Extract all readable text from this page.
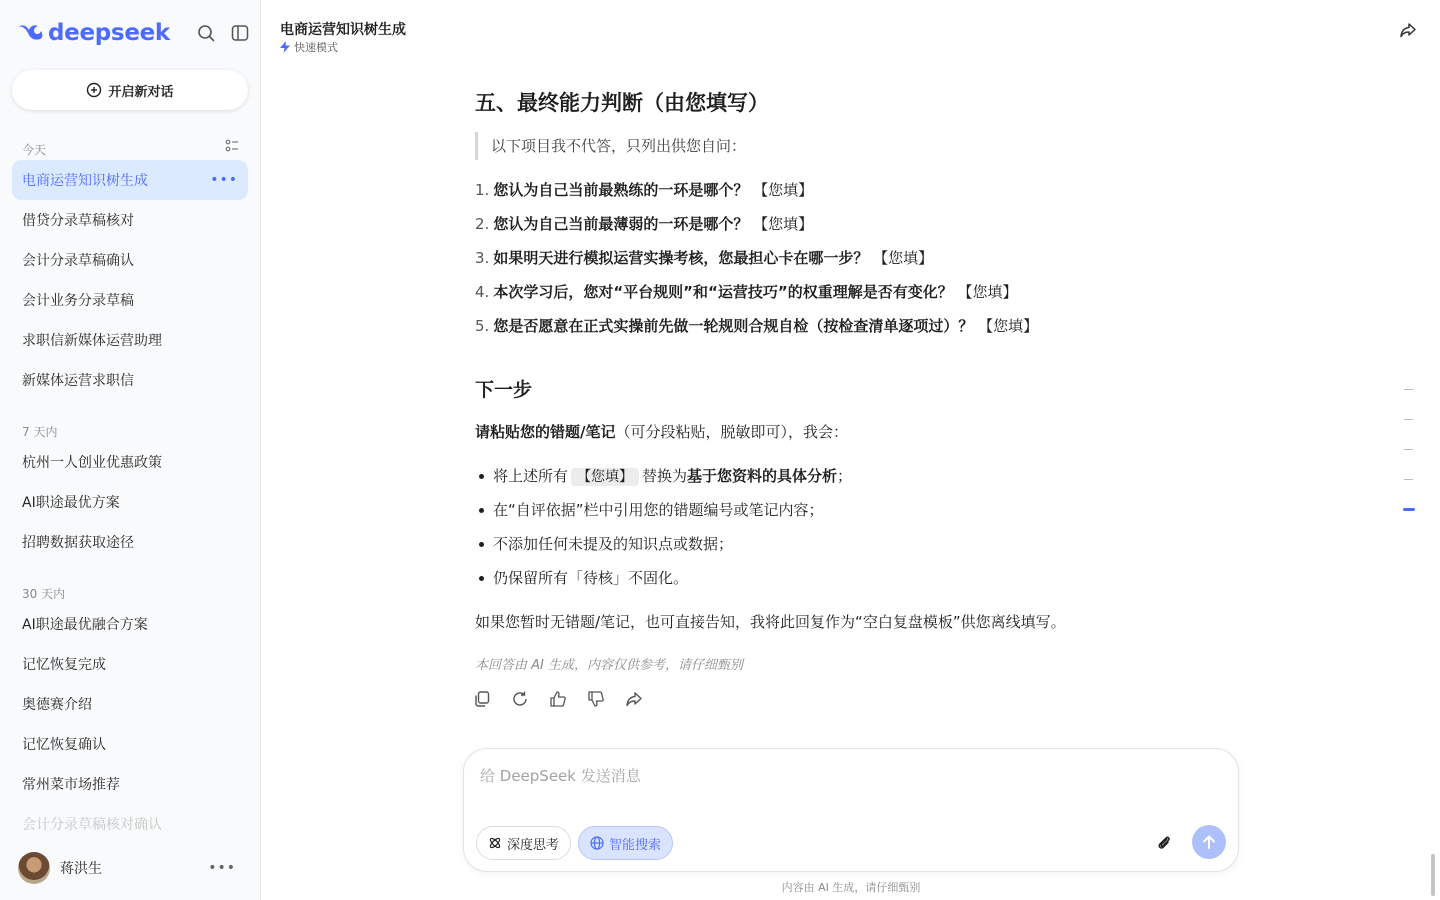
deepseek
开启新对话
今天
电商运营知识树生成	•••
借贷分录草稿核对
会计分录草稿确认
会计业务分录草稿
求职信新媒体运营助理
新媒体运营求职信
7 天内
杭州一人创业优惠政策
AI职途最优方案
招聘数据获取途径
30 天内
AI职途最优融合方案
记忆恢复完成
奥德赛介绍
记忆恢复确认
常州菜市场推荐
会计分录草稿核对确认
蒋洪生	•••
电商运营知识树生成
快速模式
五、最终能力判断（由您填写）
以下项目我不代答，只列出供您自问：
1. 您认为自己当前最熟练的一环是哪个？ 【您填】
2. 您认为自己当前最薄弱的一环是哪个？ 【您填】
3. 如果明天进行模拟运营实操考核，您最担心卡在哪一步？ 【您填】
4. 本次学习后，您对“平台规则”和“运营技巧”的权重理解是否有变化？ 【您填】
5. 您是否愿意在正式实操前先做一轮规则合规自检（按检查清单逐项过）？ 【您填】
下一步
请粘贴您的错题/笔记（可分段粘贴，脱敏即可），我会：
将上述所有 【您填】 替换为基于您资料的具体分析；
在“自评依据”栏中引用您的错题编号或笔记内容；
不添加任何未提及的知识点或数据；
仍保留所有「待核」不固化。
如果您暂时无错题/笔记，也可直接告知，我将此回复作为“空白复盘模板”供您离线填写。
本回答由 AI 生成，内容仅供参考，请仔细甄别
给 DeepSeek 发送消息
深度思考	智能搜索
内容由 AI 生成，请仔细甄别
